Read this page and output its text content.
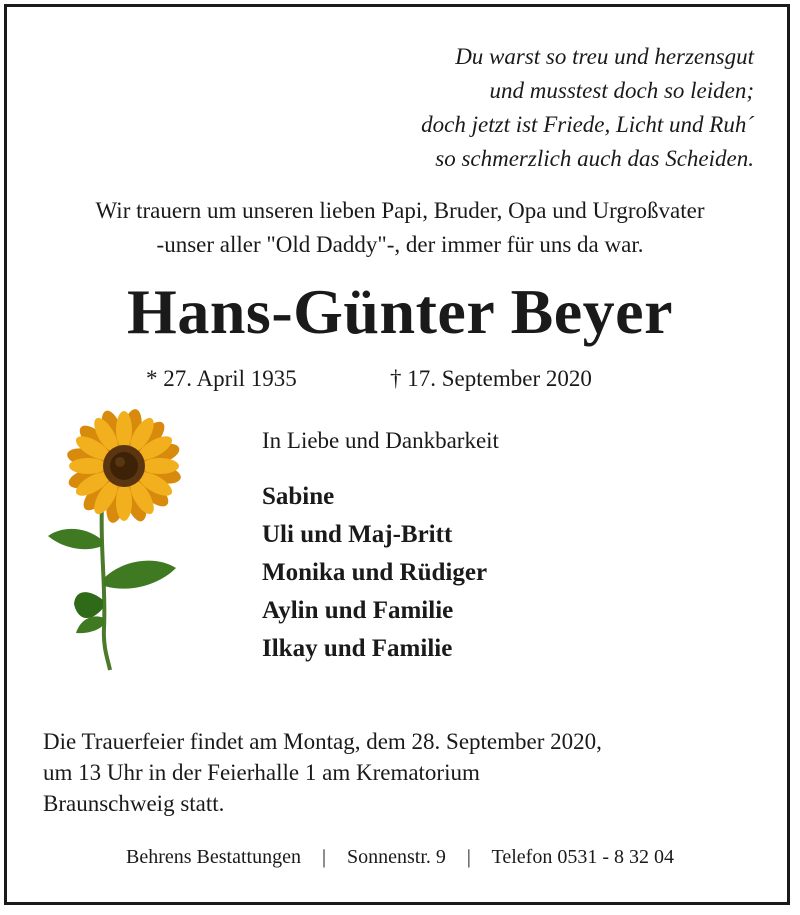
Du warst so treu und herzensgut
und musstest doch so leiden;
doch jetzt ist Friede, Licht und Ruh´
so schmerzlich auch das Scheiden.
Wir trauern um unseren lieben Papi, Bruder, Opa und Urgroßvater
-unser aller "Old Daddy"-, der immer für uns da war.
Hans-Günter Beyer
* 27. April 1935	† 17. September 2020
In Liebe und Dankbarkeit
Sabine
Uli und Maj-Britt
Monika und Rüdiger
Aylin und Familie
Ilkay und Familie
Die Trauerfeier findet am Montag, dem 28. September 2020,
um 13 Uhr in der Feierhalle 1 am Krematorium
Braunschweig statt.
Behrens Bestattungen | Sonnenstr. 9 | Telefon 0531 - 8 32 04
